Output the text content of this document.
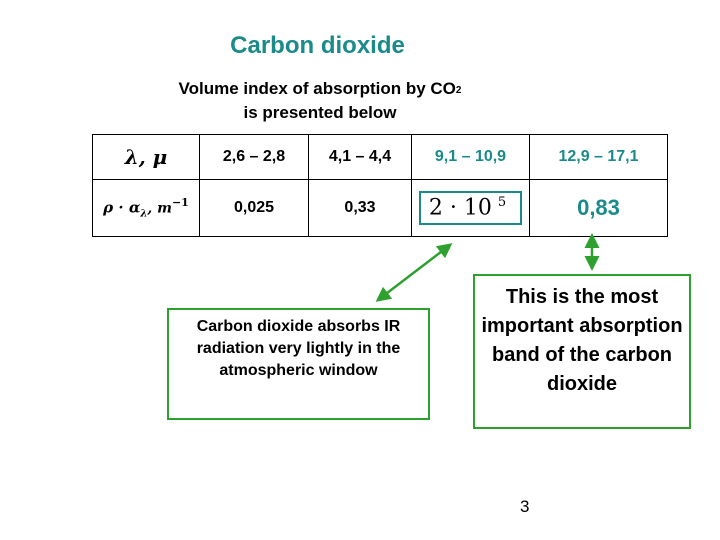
Carbon dioxide
Volume index of absorption by $CO_2$
is presented below
λ, μ	2,6 – 2,8	4,1 – 4,4	9,1 – 10,9	12,9 – 17,1
$\rho \cdot \alpha_\lambda$, $m^{-1}$	0,025	0,33	2 · 10 $^5$	0,83
Carbon dioxide absorbs IR radiation very lightly in the atmospheric window
This is the most important absorption band of the carbon dioxide
3
